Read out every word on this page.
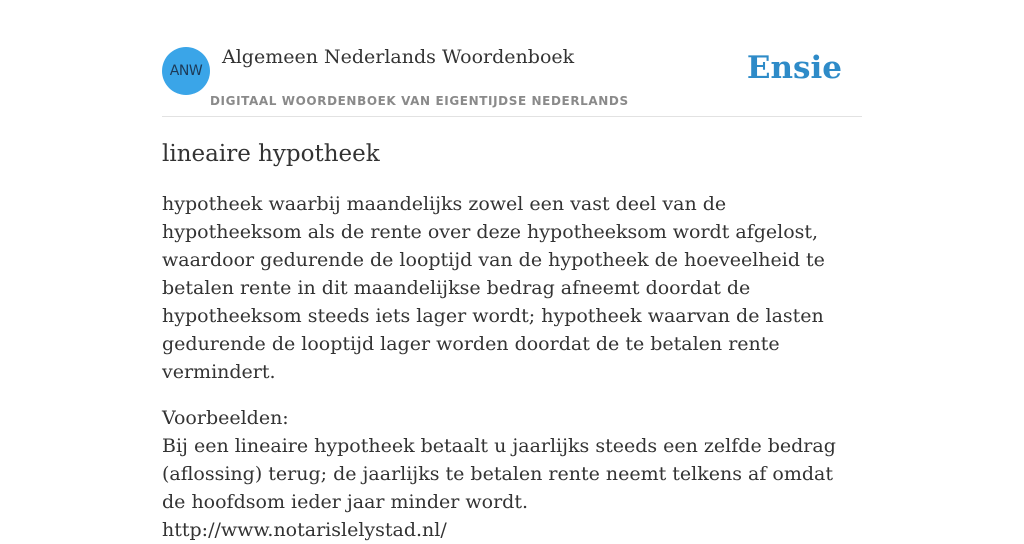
ANW
Algemeen Nederlands Woordenboek
DIGITAAL WOORDENBOEK VAN EIGENTIJDSE NEDERLANDS
Ensie
lineaire hypotheek

hypotheek waarbij maandelijks zowel een vast deel van de hypotheeksom als de rente over deze hypotheeksom wordt afgelost, waardoor gedurende de looptijd van de hypotheek de hoeveelheid te betalen rente in dit maandelijkse bedrag afneemt doordat de hypotheeksom steeds iets lager wordt; hypotheek waarvan de lasten gedurende de looptijd lager worden doordat de te betalen rente vermindert.

Voorbeelden:
Bij een lineaire hypotheek betaalt u jaarlijks steeds een zelfde bedrag (aflossing) terug; de jaarlijks te betalen rente neemt telkens af omdat de hoofdsom ieder jaar minder wordt.
http://www.notarislelystad.nl/
